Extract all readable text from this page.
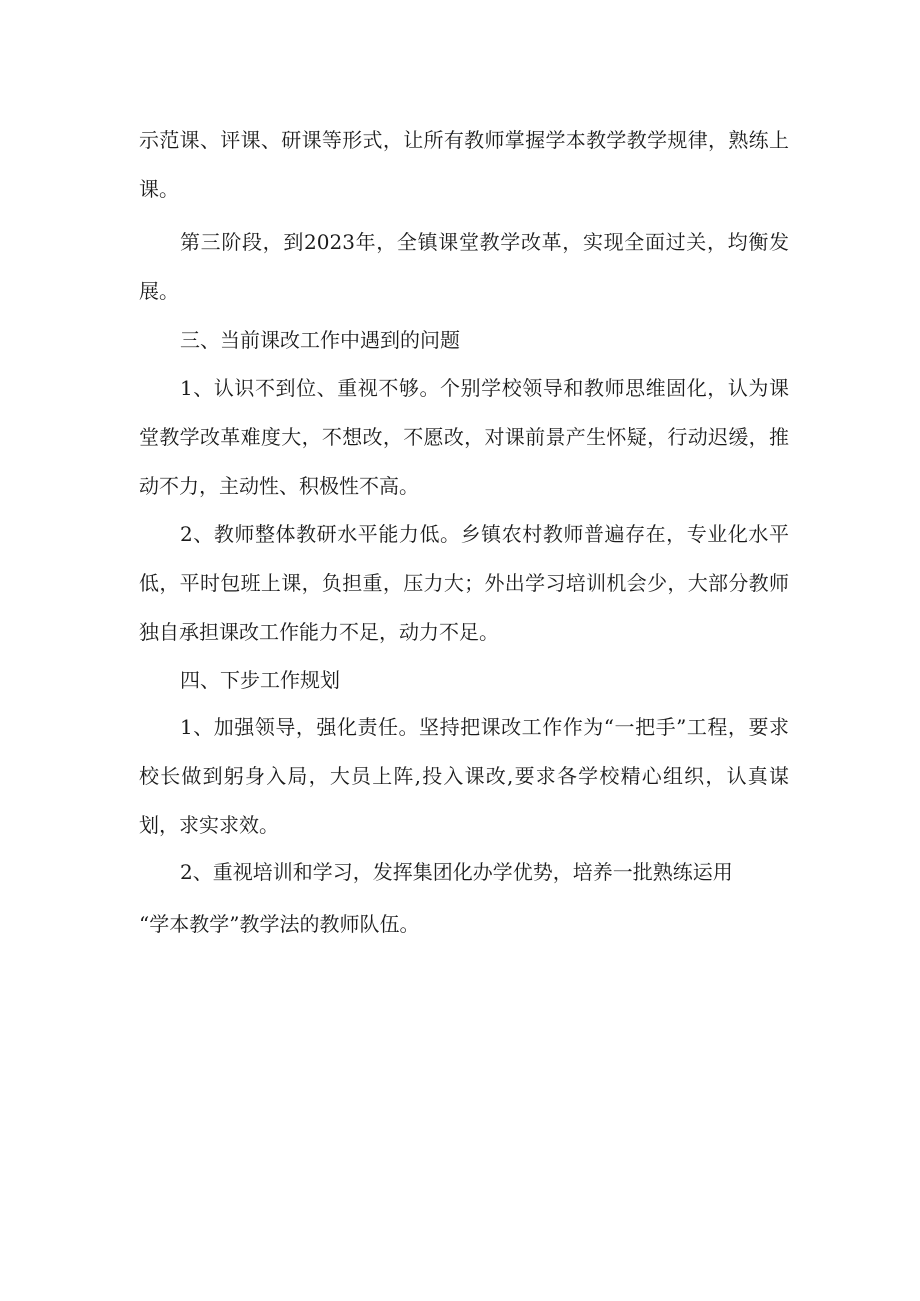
示范课、评课、研课等形式，让所有教师掌握学本教学教学规律，熟练上课。
第三阶段，到2023年，全镇课堂教学改革，实现全面过关，均衡发展。
三、当前课改工作中遇到的问题
1、认识不到位、重视不够。个别学校领导和教师思维固化，认为课堂教学改革难度大，不想改，不愿改，对课前景产生怀疑，行动迟缓，推动不力，主动性、积极性不高。
2、教师整体教研水平能力低。乡镇农村教师普遍存在，专业化水平低，平时包班上课，负担重，压力大；外出学习培训机会少，大部分教师独自承担课改工作能力不足，动力不足。
四、下步工作规划
1、加强领导，强化责任。坚持把课改工作作为“一把手”工程，要求校长做到躬身入局，大员上阵,投入课改,要求各学校精心组织，认真谋划，求实求效。
2、重视培训和学习，发挥集团化办学优势，培养一批熟练运用
“学本教学”教学法的教师队伍。
